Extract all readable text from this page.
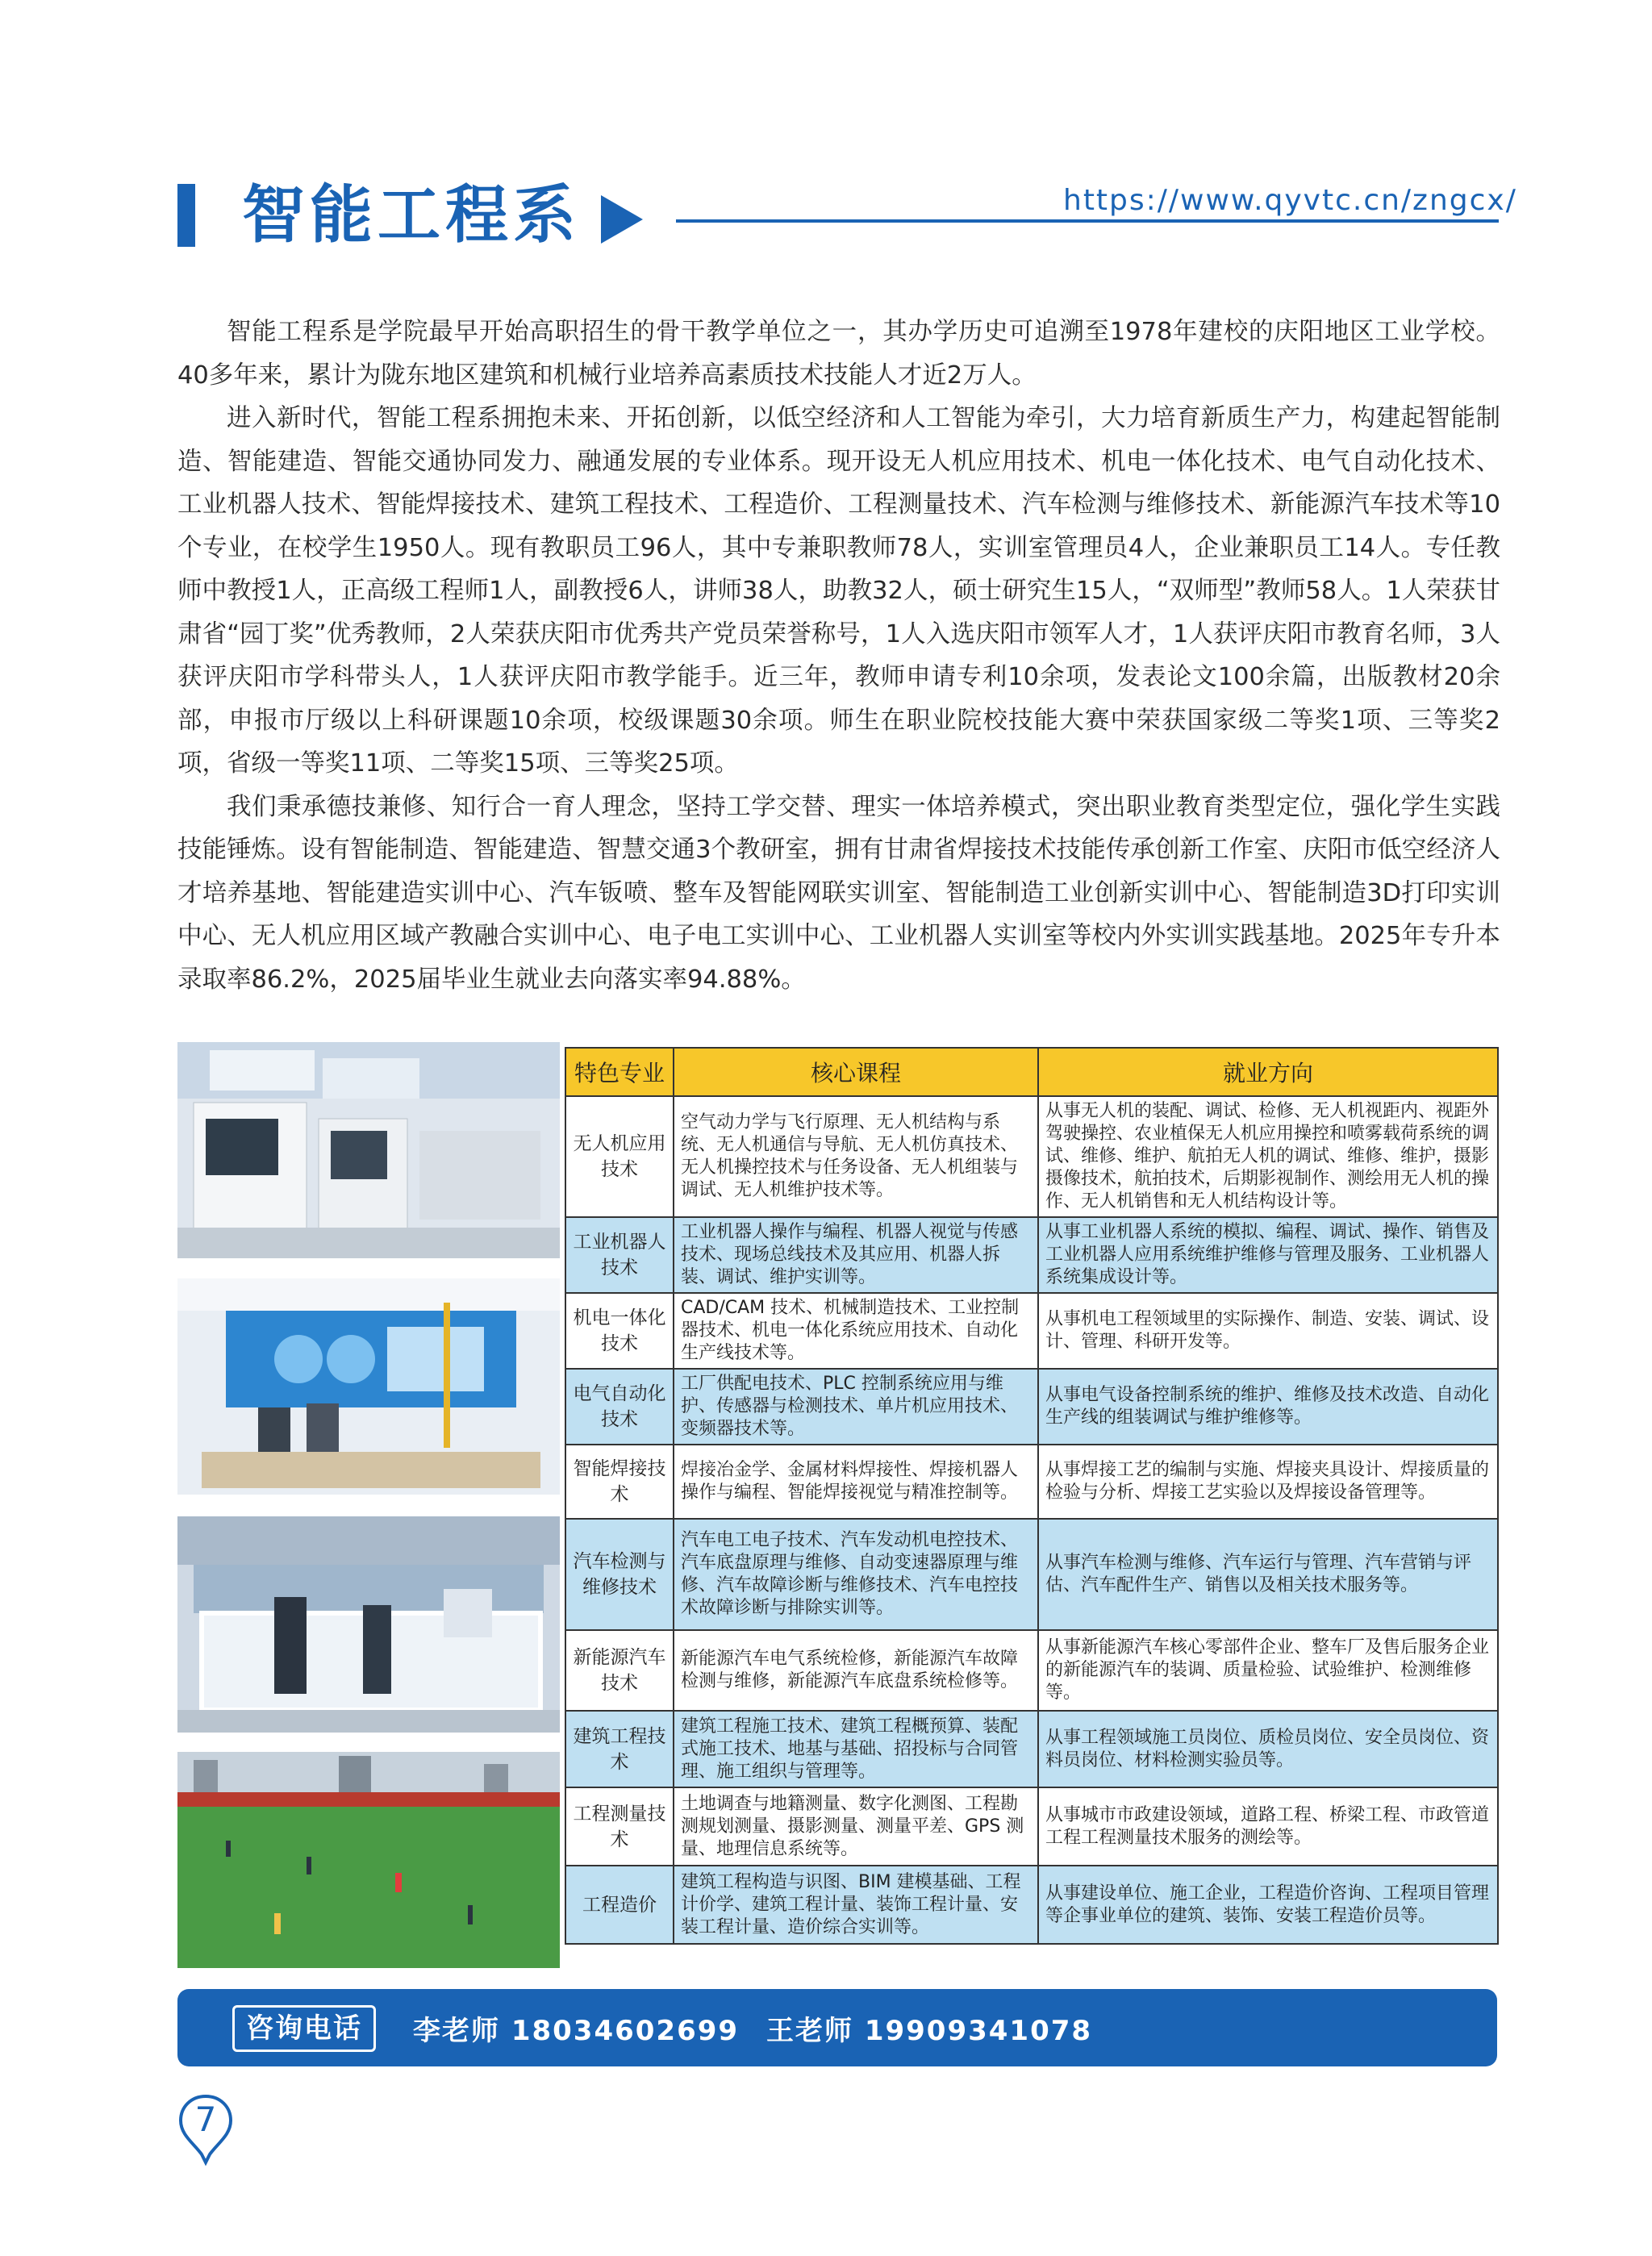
智能工程系	https://www.qyvtc.cn/zngcx/

智能工程系是学院最早开始高职招生的骨干教学单位之一，其办学历史可追溯至1978年建校的庆阳地区工业学校。40多年来，累计为陇东地区建筑和机械行业培养高素质技术技能人才近2万人。

进入新时代，智能工程系拥抱未来、开拓创新，以低空经济和人工智能为牵引，大力培育新质生产力，构建起智能制造、智能建造、智能交通协同发力、融通发展的专业体系。现开设无人机应用技术、机电一体化技术、电气自动化技术、工业机器人技术、智能焊接技术、建筑工程技术、工程造价、工程测量技术、汽车检测与维修技术、新能源汽车技术等10个专业，在校学生1950人。现有教职员工96人，其中专兼职教师78人，实训室管理员4人，企业兼职员工14人。专任教师中教授1人，正高级工程师1人，副教授6人，讲师38人，助教32人，硕士研究生15人，“双师型”教师58人。1人荣获甘肃省“园丁奖”优秀教师，2人荣获庆阳市优秀共产党员荣誉称号，1人入选庆阳市领军人才，1人获评庆阳市教育名师，3人获评庆阳市学科带头人，1人获评庆阳市教学能手。近三年，教师申请专利10余项，发表论文100余篇，出版教材20余部，申报市厅级以上科研课题10余项，校级课题30余项。师生在职业院校技能大赛中荣获国家级二等奖1项、三等奖2项，省级一等奖11项、二等奖15项、三等奖25项。

我们秉承德技兼修、知行合一育人理念，坚持工学交替、理实一体培养模式，突出职业教育类型定位，强化学生实践技能锤炼。设有智能制造、智能建造、智慧交通3个教研室，拥有甘肃省焊接技术技能传承创新工作室、庆阳市低空经济人才培养基地、智能建造实训中心、汽车钣喷、整车及智能网联实训室、智能制造工业创新实训中心、智能制造3D打印实训中心、无人机应用区域产教融合实训中心、电子电工实训中心、工业机器人实训室等校内外实训实践基地。2025年专升本录取率86.2%，2025届毕业生就业去向落实率94.88%。

特色专业	核心课程	就业方向
无人机应用技术	空气动力学与飞行原理、无人机结构与系统、无人机通信与导航、无人机仿真技术、无人机操控技术与任务设备、无人机组装与调试、无人机维护技术等。	从事无人机的装配、调试、检修、无人机视距内、视距外驾驶操控、农业植保无人机应用操控和喷雾载荷系统的调试、维修、维护、航拍无人机的调试、维修、维护，摄影摄像技术，航拍技术，后期影视制作、测绘用无人机的操作、无人机销售和无人机结构设计等。
工业机器人技术	工业机器人操作与编程、机器人视觉与传感技术、现场总线技术及其应用、机器人拆装、调试、维护实训等。	从事工业机器人系统的模拟、编程、调试、操作、销售及工业机器人应用系统维护维修与管理及服务、工业机器人系统集成设计等。
机电一体化技术	CAD/CAM 技术、机械制造技术、工业控制器技术、机电一体化系统应用技术、自动化生产线技术等。	从事机电工程领域里的实际操作、制造、安装、调试、设计、管理、科研开发等。
电气自动化技术	工厂供配电技术、PLC 控制系统应用与维护、传感器与检测技术、单片机应用技术、变频器技术等。	从事电气设备控制系统的维护、维修及技术改造、自动化生产线的组装调试与维护维修等。
智能焊接技术	焊接冶金学、金属材料焊接性、焊接机器人操作与编程、智能焊接视觉与精准控制等。	从事焊接工艺的编制与实施、焊接夹具设计、焊接质量的检验与分析、焊接工艺实验以及焊接设备管理等。
汽车检测与维修技术	汽车电工电子技术、汽车发动机电控技术、汽车底盘原理与维修、自动变速器原理与维修、汽车故障诊断与维修技术、汽车电控技术故障诊断与排除实训等。	从事汽车检测与维修、汽车运行与管理、汽车营销与评估、汽车配件生产、销售以及相关技术服务等。
新能源汽车技术	新能源汽车电气系统检修，新能源汽车故障检测与维修，新能源汽车底盘系统检修等。	从事新能源汽车核心零部件企业、整车厂及售后服务企业的新能源汽车的装调、质量检验、试验维护、检测维修等。
建筑工程技术	建筑工程施工技术、建筑工程概预算、装配式施工技术、地基与基础、招投标与合同管理、施工组织与管理等。	从事工程领域施工员岗位、质检员岗位、安全员岗位、资料员岗位、材料检测实验员等。
工程测量技术	土地调查与地籍测量、数字化测图、工程勘测规划测量、摄影测量、测量平差、GPS 测量、地理信息系统等。	从事城市市政建设领域，道路工程、桥梁工程、市政管道工程工程测量技术服务的测绘等。
工程造价	建筑工程构造与识图、BIM 建模基础、工程计价学、建筑工程计量、装饰工程计量、安装工程计量、造价综合实训等。	从事建设单位、施工企业，工程造价咨询、工程项目管理等企事业单位的建筑、装饰、安装工程造价员等。
咨询电话	李老师 18034602699 王老师 19909341078
7
